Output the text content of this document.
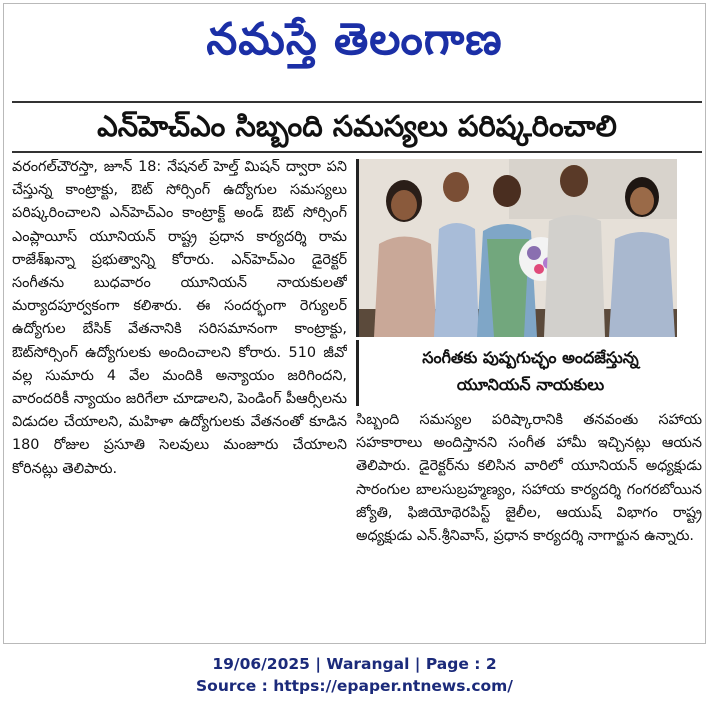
నమస్తే తెలంగాణ
ఎన్‌హెచ్‌ఎం సిబ్బంది సమస్యలు పరిష్కరించాలి
వరంగల్‌చౌరస్తా, జూన్‌ 18: నేషనల్‌ హెల్త్‌ మిషన్‌ ద్వారా పని చేస్తున్న కాంట్రాక్టు, ఔట్‌ సోర్సింగ్‌ ఉద్యోగుల సమస్యలు పరిష్కరించాలని ఎన్‌హెచ్‌ఎం కాంట్రాక్ట్‌ అండ్‌ ఔట్‌ సోర్సింగ్‌ ఎంప్లాయీస్‌ యూనియన్‌ రాష్ట్ర ప్రధాన కార్యదర్శి రామ రాజేశ్‌ఖన్నా ప్రభుత్వాన్ని కోరారు. ఎన్‌హెచ్‌ఎం డైరెక్టర్‌ సంగీతను బుధవారం యూనియన్‌ నాయకులతో మర్యాదపూర్వకంగా కలిశారు. ఈ సందర్భంగా రెగ్యులర్‌ ఉద్యోగుల బేసిక్‌ వేతనానికి సరిసమానంగా కాంట్రాక్టు, ఔట్‌సోర్సింగ్‌ ఉద్యోగులకు అందించాలని కోరారు. 510 జీవో వల్ల సుమారు 4 వేల మందికి అన్యాయం జరిగిందని, వారందరికీ న్యాయం జరిగేలా చూడాలని, పెండింగ్‌ పీఆర్సీలను విడుదల చేయాలని, మహిళా ఉద్యోగులకు వేతనంతో కూడిన 180 రోజుల ప్రసూతి సెలవులు మంజూరు చేయాలని కోరినట్లు తెలిపారు.
సంగీతకు పుష్పగుచ్ఛం అందజేస్తున్న
యూనియన్‌ నాయకులు
సిబ్బంది సమస్యల పరిష్కారానికి తనవంతు సహాయ సహకారాలు అందిస్తానని సంగీత హామీ ఇచ్చినట్లు ఆయన తెలిపారు. డైరెక్టర్‌ను కలిసిన వారిలో యూనియన్‌ అధ్యక్షుడు సారంగుల బాలసుబ్రహ్మణ్యం, సహాయ కార్యదర్శి గంగరబోయిన జ్యోతి, ఫిజియోథెరపిస్ట్‌ జైలీల, ఆయుష్‌ విభాగం రాష్ట్ర అధ్యక్షుడు ఎన్‌.శ్రీనివాస్‌, ప్రధాన కార్యదర్శి నాగార్జున ఉన్నారు.
19/06/2025 | Warangal | Page : 2
Source : https://epaper.ntnews.com/
